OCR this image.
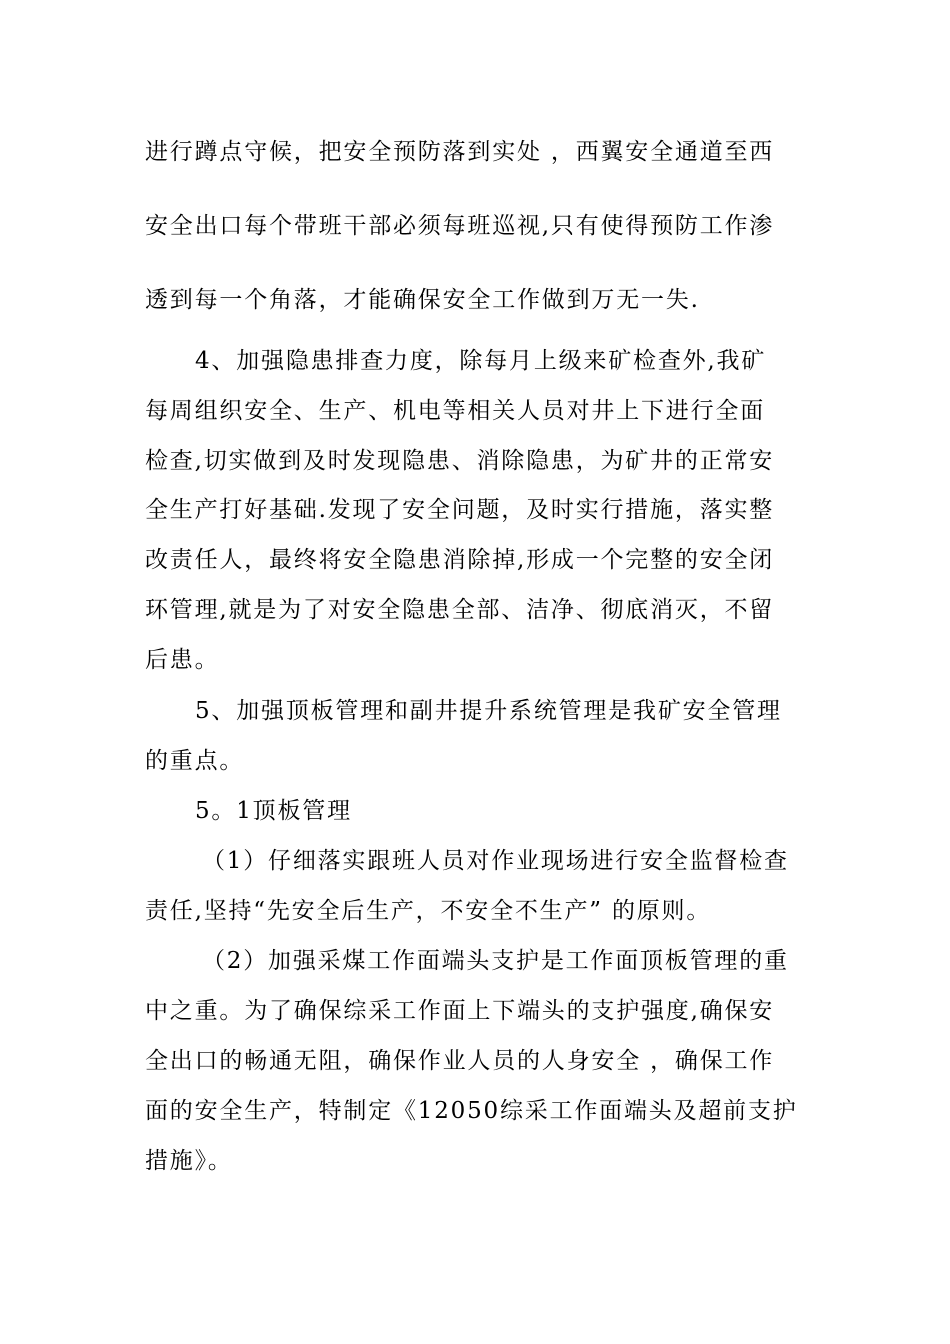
进行蹲点守候，把安全预防落到实处 ，西翼安全通道至西
安全出口每个带班干部必须每班巡视,只有使得预防工作渗
透到每一个角落，才能确保安全工作做到万无一失.
4、加强隐患排查力度，除每月上级来矿检查外,我矿
每周组织安全、生产、机电等相关人员对井上下进行全面
检查,切实做到及时发现隐患、消除隐患，为矿井的正常安
全生产打好基础.发现了安全问题，及时实行措施，落实整
改责任人，最终将安全隐患消除掉,形成一个完整的安全闭
环管理,就是为了对安全隐患全部、洁净、彻底消灭，不留
后患。
5、加强顶板管理和副井提升系统管理是我矿安全管理
的重点。
5。1顶板管理
（1）仔细落实跟班人员对作业现场进行安全监督检查
责任,坚持“先安全后生产，不安全不生产” 的原则。
（2）加强采煤工作面端头支护是工作面顶板管理的重
中之重。为了确保综采工作面上下端头的支护强度,确保安
全出口的畅通无阻，确保作业人员的人身安全 ，确保工作
面的安全生产，特制定《12050综采工作面端头及超前支护
措施》。
